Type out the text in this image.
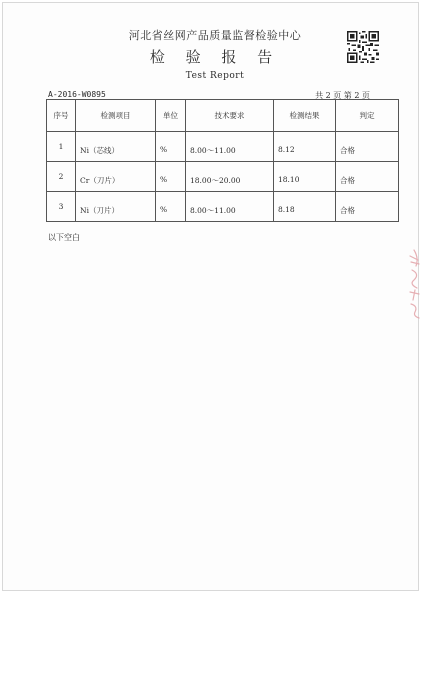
河北省丝网产品质量监督检验中心
检 验 报 告
Test Report
A-2016-W0895	共 2 页 第 2 页
序号	检测项目	单位	技术要求	检测结果	判定
1	Ni（芯线）	%	8.00～11.00	8.12	合格
2	Cr（刀片）	%	18.00～20.00	18.10	合格
3	Ni（刀片）	%	8.00～11.00	8.18	合格
以下空白
